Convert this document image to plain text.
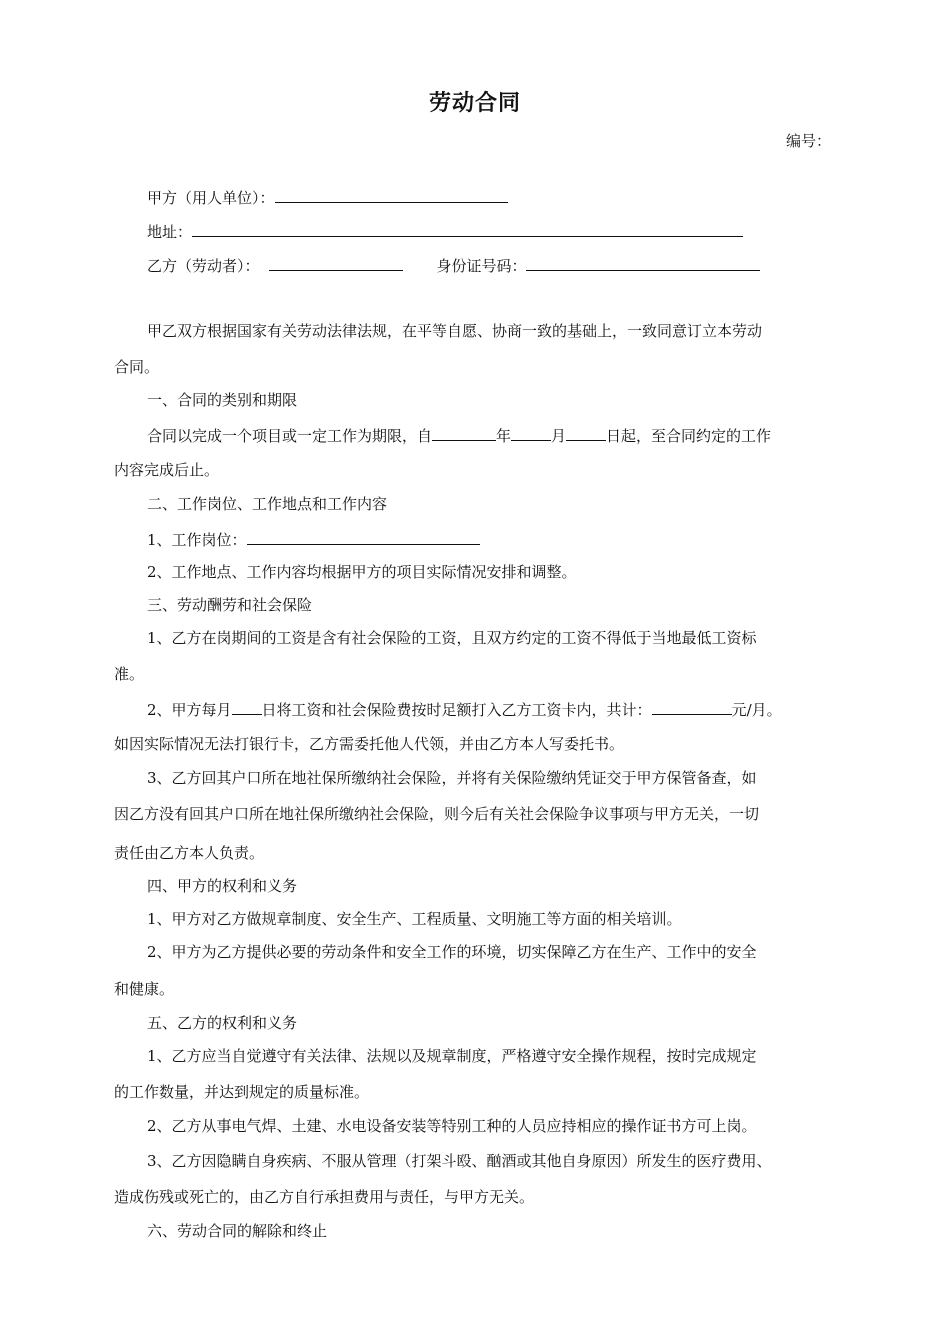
劳动合同
编号：
甲方（用人单位）：
地址：
乙方（劳动者）：	身份证号码：
甲乙双方根据国家有关劳动法律法规，在平等自愿、协商一致的基础上，一致同意订立本劳动
合同。
一、合同的类别和期限
合同以完成一个项目或一定工作为期限，自	年	月	日起，至合同约定的工作
内容完成后止。
二、工作岗位、工作地点和工作内容
1、工作岗位：
2、工作地点、工作内容均根据甲方的项目实际情况安排和调整。
三、劳动酬劳和社会保险
1、乙方在岗期间的工资是含有社会保险的工资，且双方约定的工资不得低于当地最低工资标
准。
2、甲方每月 日将工资和社会保险费按时足额打入乙方工资卡内，共计：	元/月。
如因实际情况无法打银行卡，乙方需委托他人代领，并由乙方本人写委托书。
3、乙方回其户口所在地社保所缴纳社会保险，并将有关保险缴纳凭证交于甲方保管备查，如
因乙方没有回其户口所在地社保所缴纳社会保险，则今后有关社会保险争议事项与甲方无关，一切
责任由乙方本人负责。
四、甲方的权利和义务
1、甲方对乙方做规章制度、安全生产、工程质量、文明施工等方面的相关培训。
2、甲方为乙方提供必要的劳动条件和安全工作的环境，切实保障乙方在生产、工作中的安全
和健康。
五、乙方的权利和义务
1、乙方应当自觉遵守有关法律、法规以及规章制度，严格遵守安全操作规程，按时完成规定
的工作数量，并达到规定的质量标准。
2、乙方从事电气焊、土建、水电设备安装等特别工种的人员应持相应的操作证书方可上岗。
3、乙方因隐瞒自身疾病、不服从管理（打架斗殴、酗酒或其他自身原因）所发生的医疗费用、
造成伤残或死亡的，由乙方自行承担费用与责任，与甲方无关。
六、劳动合同的解除和终止
